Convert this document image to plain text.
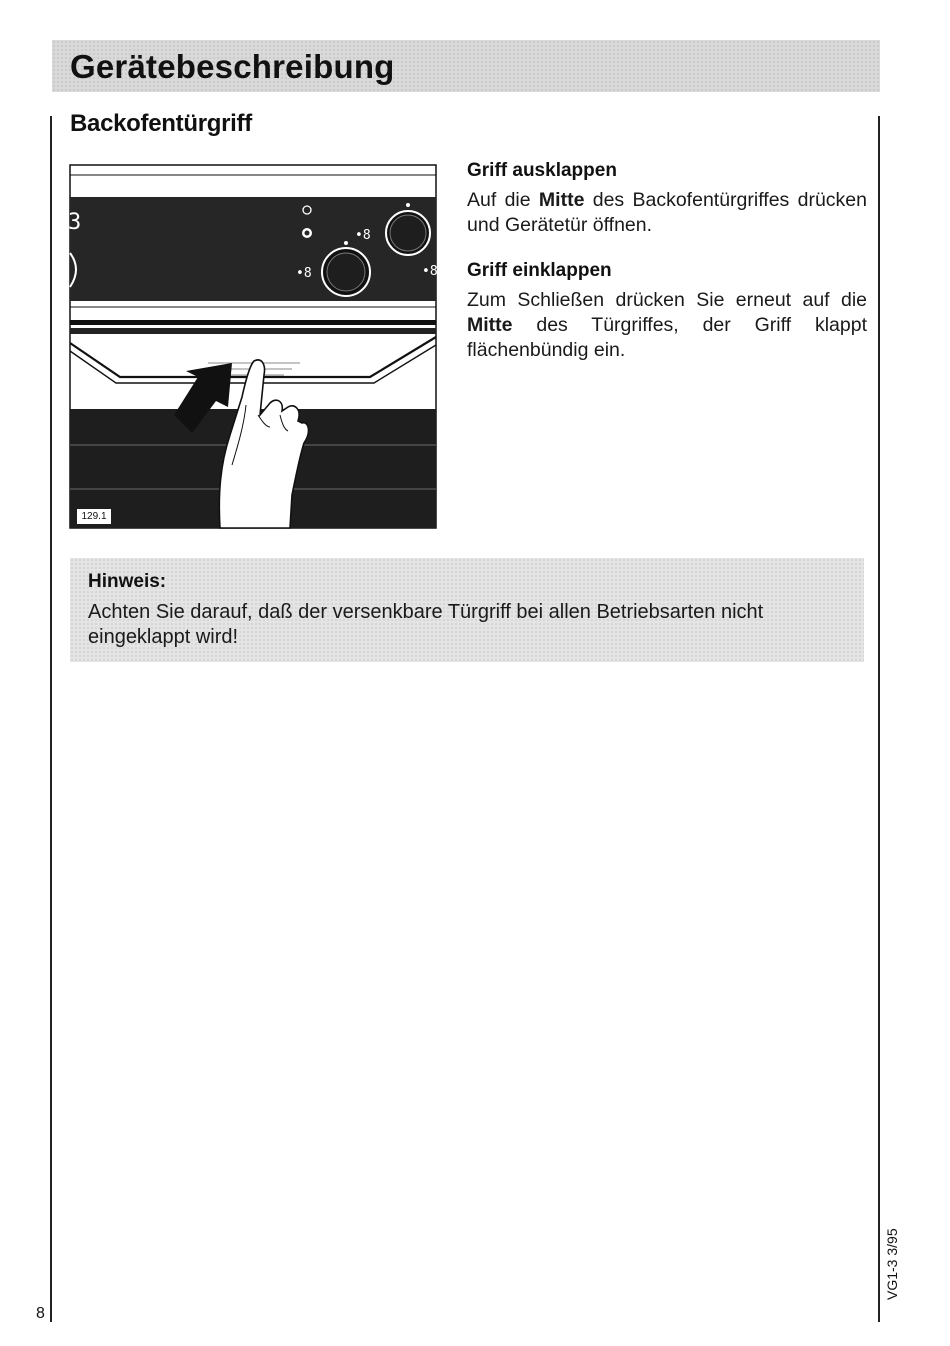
Gerätebeschreibung
Backofentürgriff
3
•8
•8	•8
129.1
Griff ausklappen

Auf die Mitte des Backofentürgriffes drücken und Gerätetür öffnen.

Griff einklappen

Zum Schließen drücken Sie erneut auf die Mitte des Türgriffes, der Griff klappt flächenbündig ein.

Hinweis:

Achten Sie darauf, daß der versenkbare Türgriff bei allen Betriebsarten nicht eingeklappt wird!

8
VG1-3 3/95
